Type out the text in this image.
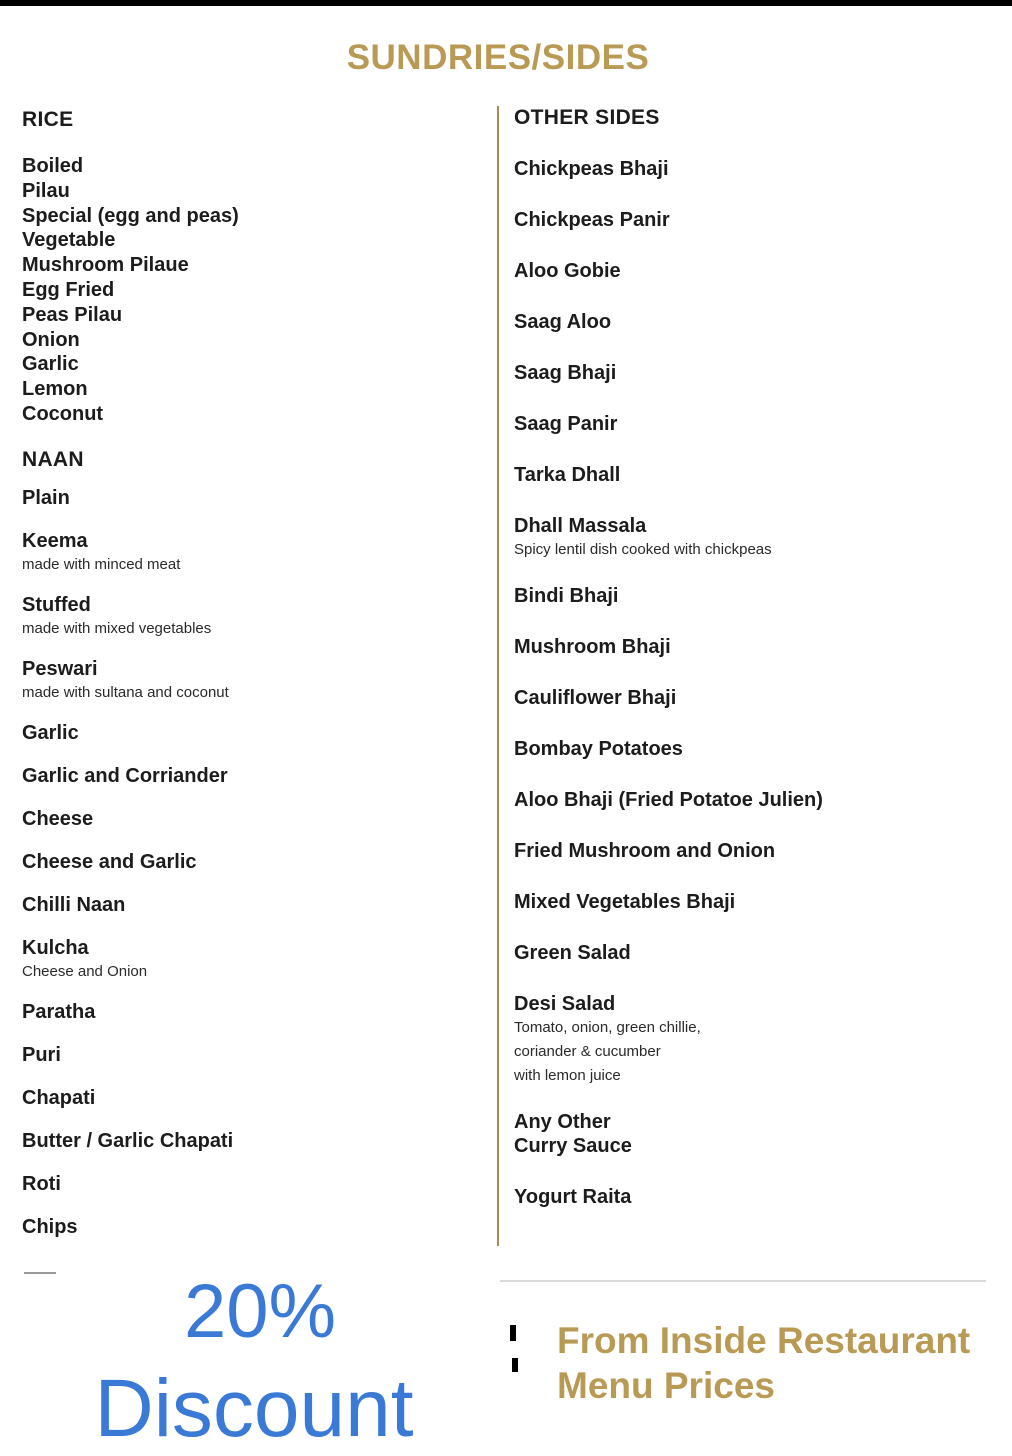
SUNDRIES/SIDES
RICE
Boiled
Pilau
Special (egg and peas)
Vegetable
Mushroom Pilaue
Egg Fried
Peas Pilau
Onion
Garlic
Lemon
Coconut
NAAN
Plain
Keema
made with minced meat
Stuffed
made with mixed vegetables
Peswari
made with sultana and coconut
Garlic
Garlic and Corriander
Cheese
Cheese and Garlic
Chilli Naan
Kulcha
Cheese and Onion
Paratha
Puri
Chapati
Butter / Garlic Chapati
Roti
Chips
OTHER SIDES
Chickpeas Bhaji
Chickpeas Panir
Aloo Gobie
Saag Aloo
Saag Bhaji
Saag Panir
Tarka Dhall
Dhall Massala
Spicy lentil dish cooked with chickpeas
Bindi Bhaji
Mushroom Bhaji
Cauliflower Bhaji
Bombay Potatoes
Aloo Bhaji (Fried Potatoe Julien)
Fried Mushroom and Onion
Mixed Vegetables Bhaji
Green Salad
Desi Salad
Tomato, onion, green chillie,
coriander & cucumber
with lemon juice
Any Other
Curry Sauce
Yogurt Raita
20%
Discount
From Inside Restaurant
Menu Prices
